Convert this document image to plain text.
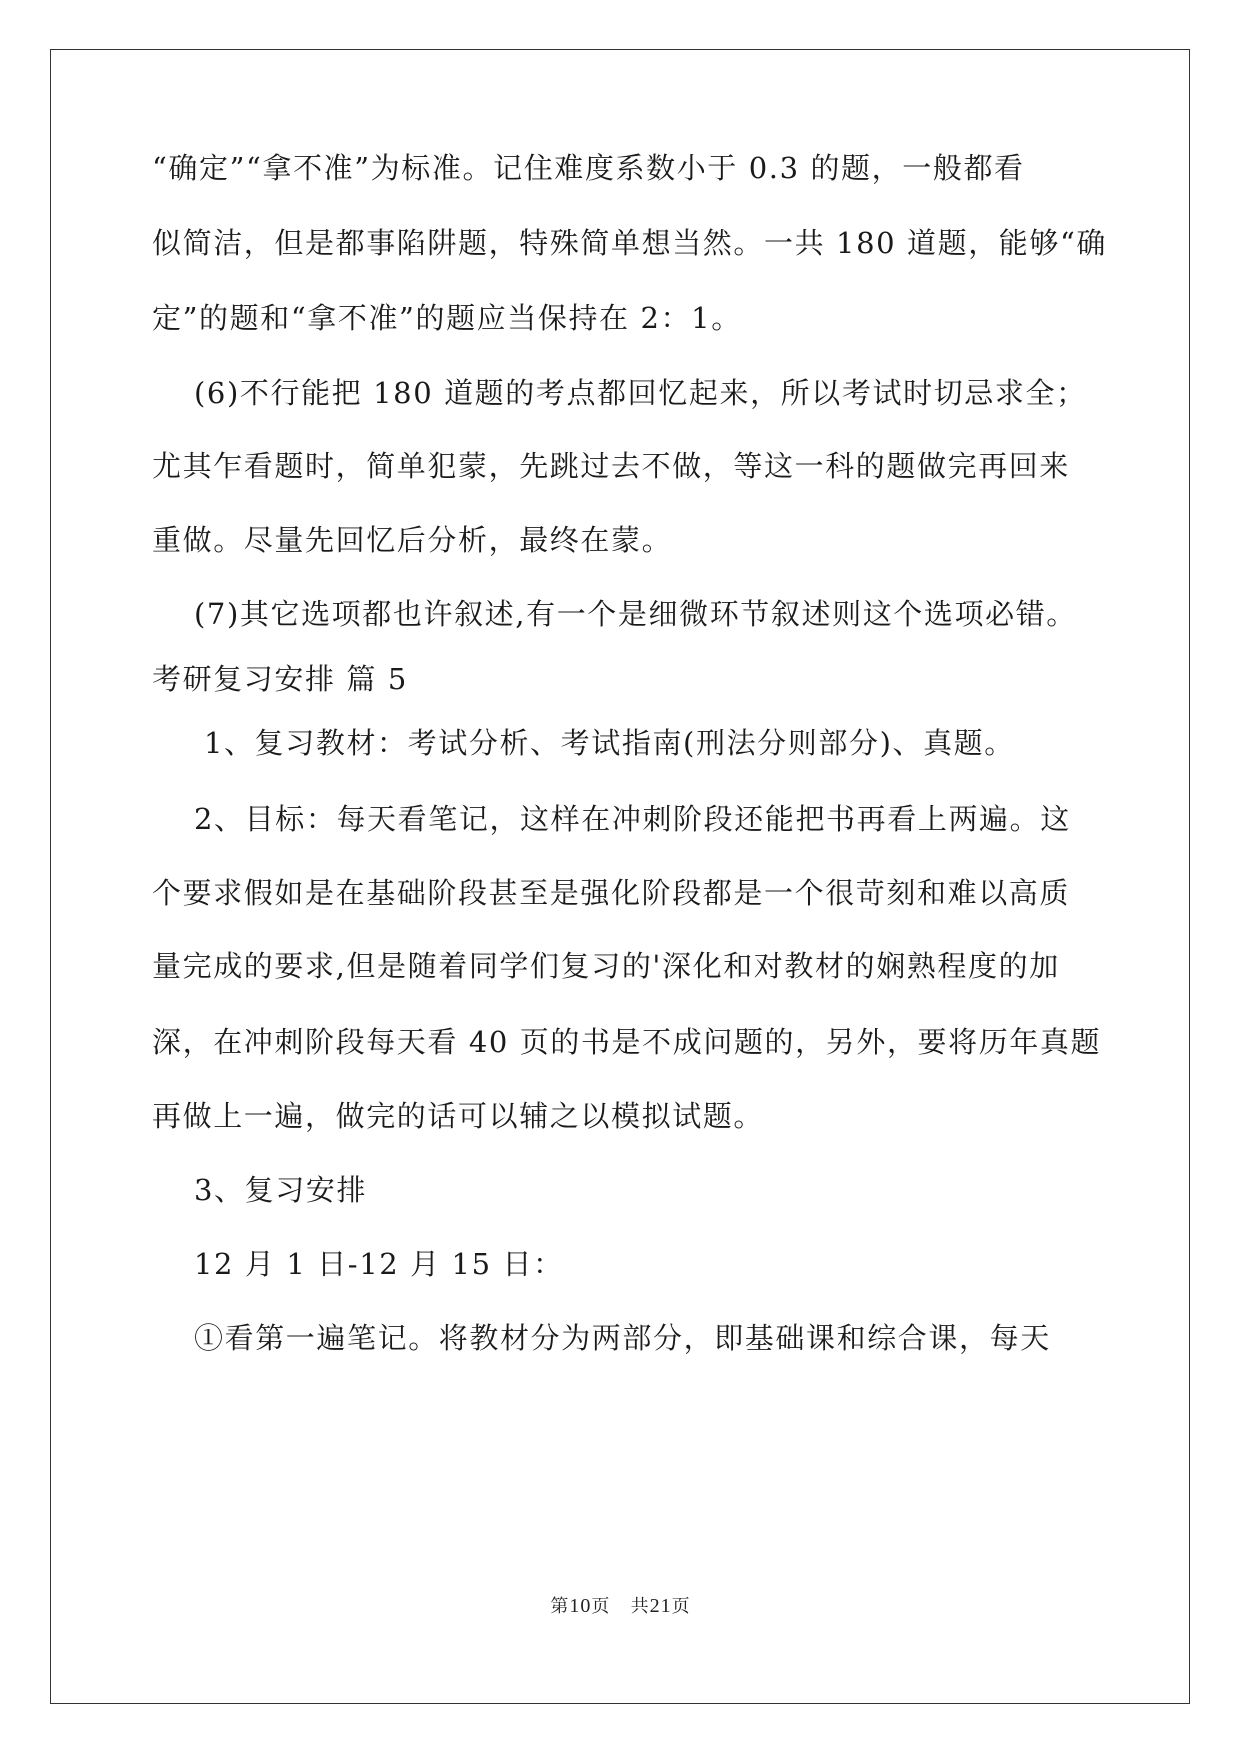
“确定”“拿不准”为标准。记住难度系数小于 0.3 的题，一般都看
似简洁，但是都事陷阱题，特殊简单想当然。一共 180 道题，能够“确
定”的题和“拿不准”的题应当保持在 2：1。
(6)不行能把 180 道题的考点都回忆起来，所以考试时切忌求全；
尤其乍看题时，简单犯蒙，先跳过去不做，等这一科的题做完再回来
重做。尽量先回忆后分析，最终在蒙。
(7)其它选项都也许叙述,有一个是细微环节叙述则这个选项必错。
考研复习安排 篇 5
1、复习教材：考试分析、考试指南(刑法分则部分)、真题。
2、目标：每天看笔记，这样在冲刺阶段还能把书再看上两遍。这
个要求假如是在基础阶段甚至是强化阶段都是一个很苛刻和难以高质
量完成的要求,但是随着同学们复习的'深化和对教材的娴熟程度的加
深，在冲刺阶段每天看 40 页的书是不成问题的，另外，要将历年真题
再做上一遍，做完的话可以辅之以模拟试题。
3、复习安排
12 月 1 日-12 月 15 日：
①看第一遍笔记。将教材分为两部分，即基础课和综合课，每天
第10页   共21页
